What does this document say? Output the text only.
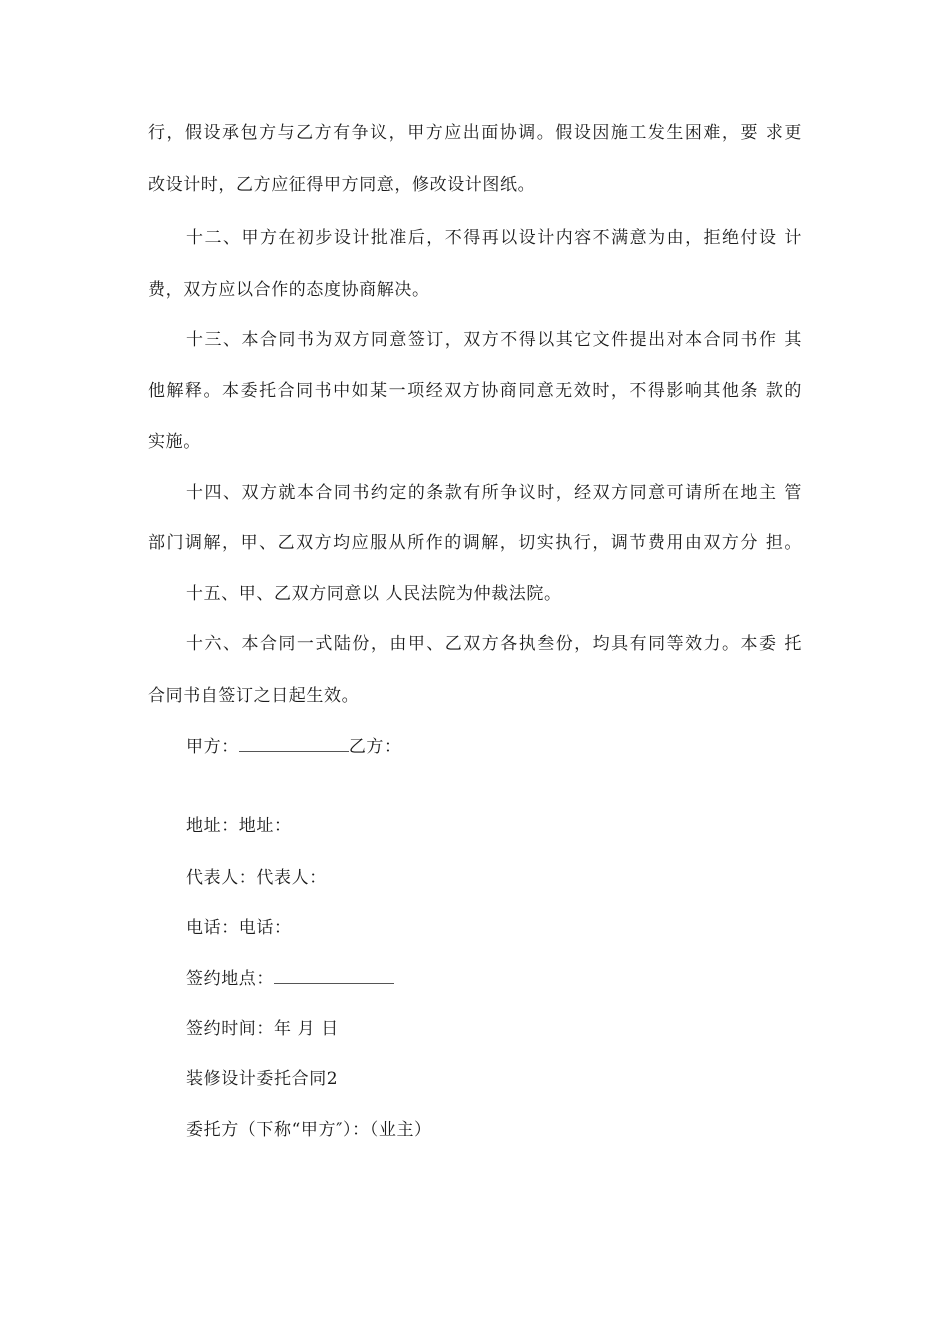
行，假设承包方与乙方有争议，甲方应出面协调。假设因施工发生困难，要 求更
改设计时，乙方应征得甲方同意，修改设计图纸。
十二、甲方在初步设计批准后，不得再以设计内容不满意为由，拒绝付设 计
费，双方应以合作的态度协商解决。
十三、本合同书为双方同意签订，双方不得以其它文件提出对本合同书作 其
他解释。本委托合同书中如某一项经双方协商同意无效时，不得影响其他条 款的
实施。
十四、双方就本合同书约定的条款有所争议时，经双方同意可请所在地主 管
部门调解，甲、乙双方均应服从所作的调解，切实执行，调节费用由双方分 担。
十五、甲、乙双方同意以 人民法院为仲裁法院。
十六、本合同一式陆份，由甲、乙双方各执叁份，均具有同等效力。本委 托
合同书自签订之日起生效。
甲方：	乙方：
地址：地址：
代表人：代表人：
电话：电话：
签约地点：
签约时间：年 月 日
装修设计委托合同2
委托方（下称“甲方″）：（业主）
